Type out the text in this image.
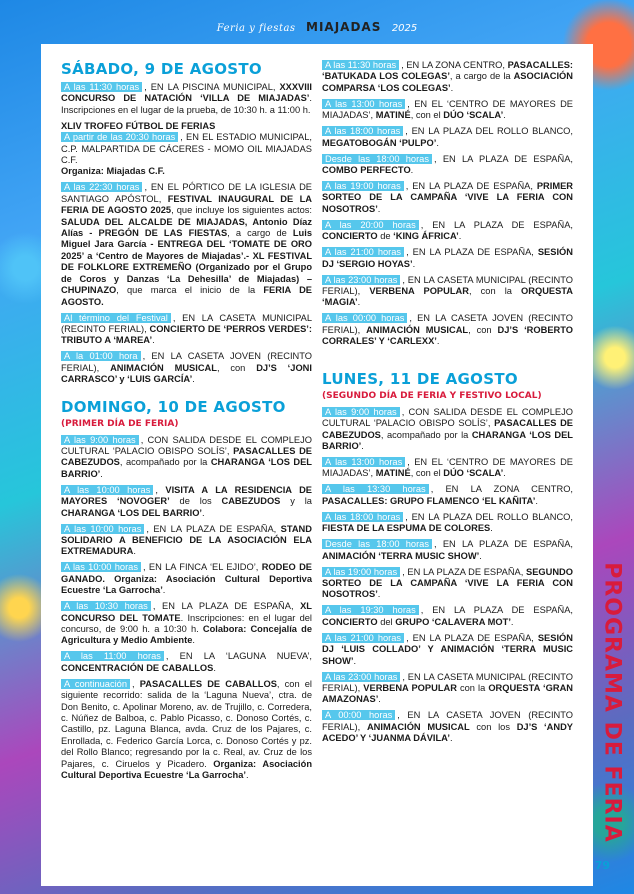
Feria y fiestas MIAJADAS 2025
SÁBADO, 9 DE AGOSTO
A las 11:30 horas , EN LA PISCINA MUNICIPAL, XXXVIII CONCURSO DE NATACIÓN ‘VILLA DE MIAJADAS’. Inscripciones en el lugar de la prueba, de 10:30 h. a 11:00 h.

XLIV TROFEO FÚTBOL DE FERIAS

A partir de las 20:30 horas , EN EL ESTADIO MUNICIPAL, C.P. MALPARTIDA DE CÁCERES - MOMO OIL MIAJADAS C.F.

Organiza: Miajadas C.F.

A las 22:30 horas , EN EL PÓRTICO DE LA IGLESIA DE SANTIAGO APÓSTOL, FESTIVAL INAUGURAL DE LA FERIA DE AGOSTO 2025, que incluye los siguientes actos: SALUDA DEL ALCALDE DE MIAJADAS, Antonio Díaz Alías - PREGÓN DE LAS FIESTAS, a cargo de Luis Miguel Jara García - ENTREGA DEL ‘TOMATE DE ORO 2025’ a ‘Centro de Mayores de Miajadas’.- XL FESTIVAL DE FOLKLORE EXTREMEÑO (Organizado por el Grupo de Coros y Danzas ‘La Dehesilla’ de Miajadas) – CHUPINAZO, que marca el inicio de la FERIA DE AGOSTO.
Al término del Festival , EN LA CASETA MUNICIPAL (RECINTO FERIAL), CONCIERTO DE ‘PERROS VERDES’: TRIBUTO A ‘MAREA’.
A la 01:00 hora , EN LA CASETA JOVEN (RECINTO FERIAL), ANIMACIÓN MUSICAL, con DJ’S ‘JONI CARRASCO’ y ‘LUIS GARCÍA’.
DOMINGO, 10 DE AGOSTO
(PRIMER DÍA DE FERIA)
A las 9:00 horas , CON SALIDA DESDE EL COMPLEJO CULTURAL ‘PALACIO OBISPO SOLÍS’, PASACALLES DE CABEZUDOS, acompañado por la CHARANGA ‘LOS DEL BARRIO’.
A las 10:00 horas , VISITA A LA RESIDENCIA DE MAYORES ‘NOVOGER’ de los CABEZUDOS y la CHARANGA ‘LOS DEL BARRIO’.
A las 10:00 horas , EN LA PLAZA DE ESPAÑA, STAND SOLIDARIO A BENEFICIO DE LA ASOCIACIÓN ELA EXTREMADURA.
A las 10:00 horas , EN LA FINCA ‘EL EJIDO’, RODEO DE GANADO. Organiza: Asociación Cultural Deportiva Ecuestre ‘La Garrocha’.
A las 10:30 horas , EN LA PLAZA DE ESPAÑA, XL CONCURSO DEL TOMATE. Inscripciones: en el lugar del concurso, de 9:00 h. a 10:30 h. Colabora: Concejalía de Agricultura y Medio Ambiente.
A las 11:00 horas , EN LA ‘LAGUNA NUEVA’, CONCENTRACIÓN DE CABALLOS.
A continuación , PASACALLES DE CABALLOS, con el siguiente recorrido: salida de la ‘Laguna Nueva’, ctra. de Don Benito, c. Apolinar Moreno, av. de Trujillo, c. Corredera, c. Núñez de Balboa, c. Pablo Picasso, c. Donoso Cortés, c. Castillo, pz. Laguna Blanca, avda. Cruz de los Pajares, c. Enrollada, c. Federico García Lorca, c. Donoso Cortés y pz. del Rollo Blanco; regresando por la c. Real, av. Cruz de los Pajares, c. Ciruelos y Picadero. Organiza: Asociación Cultural Deportiva Ecuestre ‘La Garrocha’.
A las 11:30 horas , EN LA ZONA CENTRO, PASACALLES: ‘BATUKADA LOS COLEGAS’, a cargo de la ASOCIACIÓN COMPARSA ‘LOS COLEGAS’.
A las 13:00 horas , EN EL ‘CENTRO DE MAYORES DE MIAJADAS’, MATINÉ, con el DÚO ‘SCALA’.
A las 18:00 horas , EN LA PLAZA DEL ROLLO BLANCO, MEGATOBOGÁN ‘PULPO’.
Desde las 18:00 horas , EN LA PLAZA DE ESPAÑA, COMBO PERFECTO.
A las 19:00 horas , EN LA PLAZA DE ESPAÑA, PRIMER SORTEO DE LA CAMPAÑA ‘VIVE LA FERIA CON NOSOTROS’.
A las 20:00 horas , EN LA PLAZA DE ESPAÑA, CONCIERTO de ‘KING ÁFRICA’.
A las 21:00 horas , EN LA PLAZA DE ESPAÑA, SESIÓN DJ ‘SERGIO HOYAS’.
A las 23:00 horas , EN LA CASETA MUNICIPAL (RECINTO FERIAL), VERBENA POPULAR, con la ORQUESTA ‘MAGIA’.
A las 00:00 horas , EN LA CASETA JOVEN (RECINTO FERIAL), ANIMACIÓN MUSICAL, con DJ’S ‘ROBERTO CORRALES’ Y ‘CARLEXX’.
LUNES, 11 DE AGOSTO
(SEGUNDO DÍA DE FERIA Y FESTIVO LOCAL)
A las 9:00 horas , CON SALIDA DESDE EL COMPLEJO CULTURAL ‘PALACIO OBISPO SOLÍS’, PASACALLES DE CABEZUDOS, acompañado por la CHARANGA ‘LOS DEL BARRIO’.
A las 13:00 horas , EN EL ‘CENTRO DE MAYORES DE MIAJADAS’, MATINÉ, con el DÚO ‘SCALA’.
A las 13:30 horas , EN LA ZONA CENTRO, PASACALLES: GRUPO FLAMENCO ‘EL KAÑITA’.
A las 18:00 horas , EN LA PLAZA DEL ROLLO BLANCO, FIESTA DE LA ESPUMA DE COLORES.
Desde las 18:00 horas , EN LA PLAZA DE ESPAÑA, ANIMACIÓN ‘TERRA MUSIC SHOW’.
A las 19:00 horas , EN LA PLAZA DE ESPAÑA, SEGUNDO SORTEO DE LA CAMPAÑA ‘VIVE LA FERIA CON NOSOTROS’.
A las 19:30 horas , EN LA PLAZA DE ESPAÑA, CONCIERTO del GRUPO ‘CALAVERA MOT’.
A las 21:00 horas , EN LA PLAZA DE ESPAÑA, SESIÓN DJ ‘LUIS COLLADO’ Y ANIMACIÓN ‘TERRA MUSIC SHOW’.
A las 23:00 horas , EN LA CASETA MUNICIPAL (RECINTO FERIAL), VERBENA POPULAR con la ORQUESTA ‘GRAN AMAZONAS’.
A 00:00 horas , EN LA CASETA JOVEN (RECINTO FERIAL), ANIMACIÓN MUSICAL con los DJ’S ‘ANDY ACEDO’ Y ‘JUANMA DÁVILA’.	PROGRAMA DE FERIA
79
